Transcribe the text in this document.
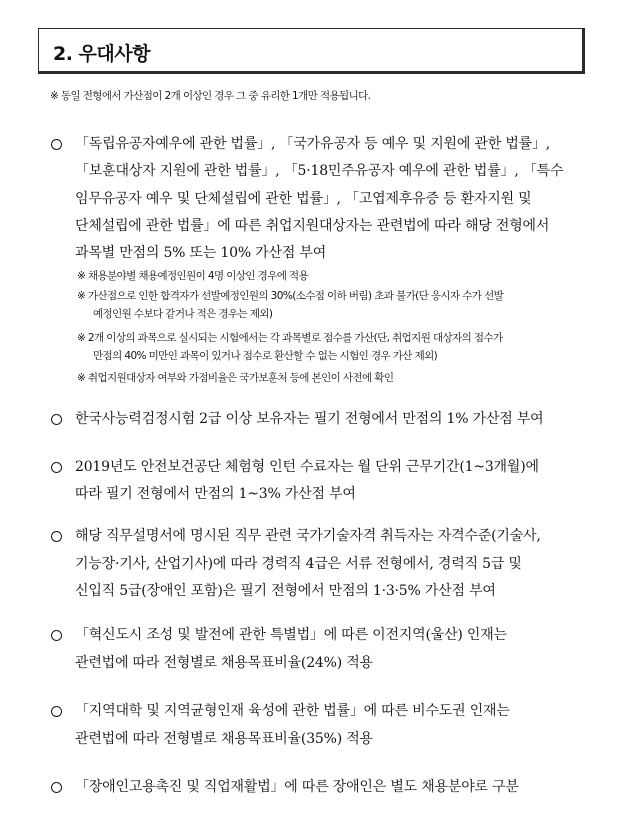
2. 우대사항
※ 동일 전형에서 가산점이 2개 이상인 경우 그 중 유리한 1개만 적용됩니다.
「독립유공자예우에 관한 법률」, 「국가유공자 등 예우 및 지원에 관한 법률」,
「보훈대상자 지원에 관한 법률」, 「5·18민주유공자 예우에 관한 법률」, 「특수
임무유공자 예우 및 단체설립에 관한 법률」, 「고엽제후유증 등 환자지원 및
단체설립에 관한 법률」에 따른 취업지원대상자는 관련법에 따라 해당 전형에서
과목별 만점의 5% 또는 10% 가산점 부여
※ 채용분야별 채용예정인원이 4명 이상인 경우에 적용
※ 가산점으로 인한 합격자가 선발예정인원의 30%(소수점 이하 버림) 초과 불가(단 응시자 수가 선발
예정인원 수보다 같거나 적은 경우는 제외)
※ 2개 이상의 과목으로 실시되는 시험에서는 각 과목별로 점수를 가산(단, 취업지원 대상자의 점수가
만점의 40% 미만인 과목이 있거나 점수로 환산할 수 없는 시험인 경우 가산 제외)
※ 취업지원대상자 여부와 가점비율은 국가보훈처 등에 본인이 사전에 확인
한국사능력검정시험 2급 이상 보유자는 필기 전형에서 만점의 1% 가산점 부여
2019년도 안전보건공단 체험형 인턴 수료자는 월 단위 근무기간(1~3개월)에
따라 필기 전형에서 만점의 1~3% 가산점 부여
해당 직무설명서에 명시된 직무 관련 국가기술자격 취득자는 자격수준(기술사,
기능장·기사, 산업기사)에 따라 경력직 4급은 서류 전형에서, 경력직 5급 및
신입직 5급(장애인 포함)은 필기 전형에서 만점의 1·3·5% 가산점 부여
「혁신도시 조성 및 발전에 관한 특별법」에 따른 이전지역(울산) 인재는
관련법에 따라 전형별로 채용목표비율(24%) 적용
「지역대학 및 지역균형인재 육성에 관한 법률」에 따른 비수도권 인재는
관련법에 따라 전형별로 채용목표비율(35%) 적용
「장애인고용촉진 및 직업재활법」에 따른 장애인은 별도 채용분야로 구분
